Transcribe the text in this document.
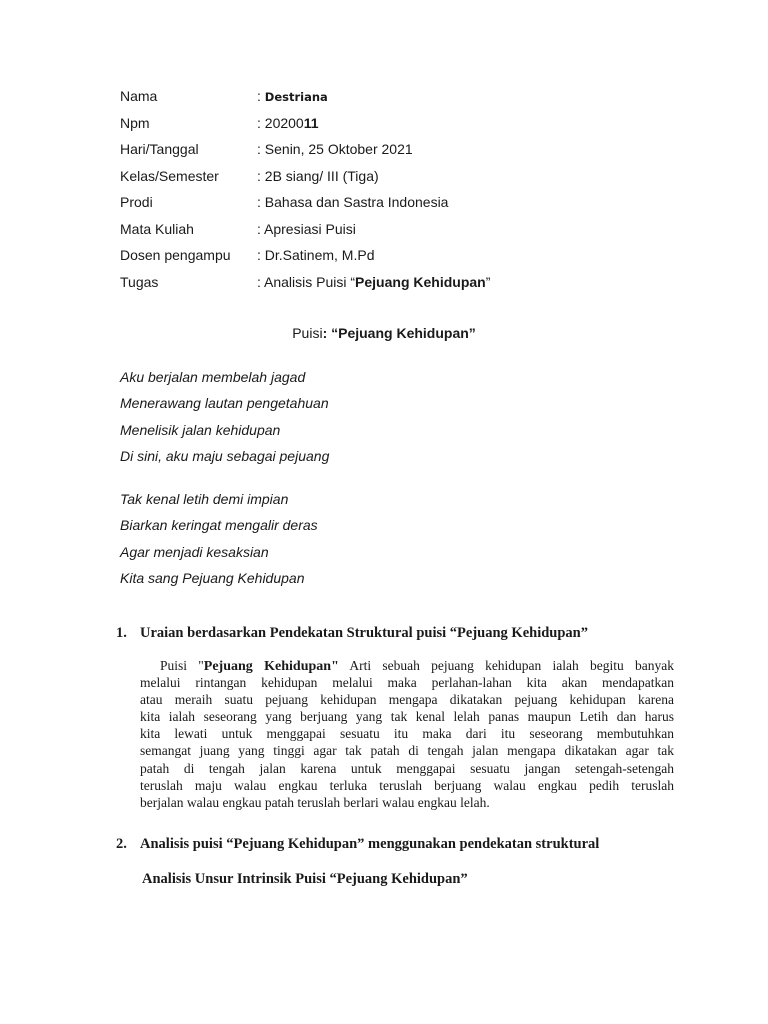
Nama	: Destriana
Npm	: 2020011
Hari/Tanggal	: Senin, 25 Oktober 2021
Kelas/Semester	: 2B siang/ III (Tiga)
Prodi	: Bahasa dan Sastra Indonesia
Mata Kuliah	: Apresiasi Puisi
Dosen pengampu : Dr.Satinem, M.Pd
Tugas	: Analisis Puisi “Pejuang Kehidupan”
Puisi: “Pejuang Kehidupan”
Aku berjalan membelah jagad
Menerawang lautan pengetahuan
Menelisik jalan kehidupan
Di sini, aku maju sebagai pejuang
Tak kenal letih demi impian
Biarkan keringat mengalir deras
Agar menjadi kesaksian
Kita sang Pejuang Kehidupan
1. Uraian berdasarkan Pendekatan Struktural puisi “Pejuang Kehidupan”
Puisi "Pejuang Kehidupan" Arti sebuah pejuang kehidupan ialah begitu banyak
melalui rintangan kehidupan melalui maka perlahan-lahan kita akan mendapatkan
atau meraih suatu pejuang kehidupan mengapa dikatakan pejuang kehidupan karena
kita ialah seseorang yang berjuang yang tak kenal lelah panas maupun Letih dan harus
kita lewati untuk menggapai sesuatu itu maka dari itu seseorang membutuhkan
semangat juang yang tinggi agar tak patah di tengah jalan mengapa dikatakan agar tak
patah di tengah jalan karena untuk menggapai sesuatu jangan setengah-setengah
teruslah maju walau engkau terluka teruslah berjuang walau engkau pedih teruslah
berjalan walau engkau patah teruslah berlari walau engkau lelah.
2. Analisis puisi “Pejuang Kehidupan” menggunakan pendekatan struktural
Analisis Unsur Intrinsik Puisi “Pejuang Kehidupan”
